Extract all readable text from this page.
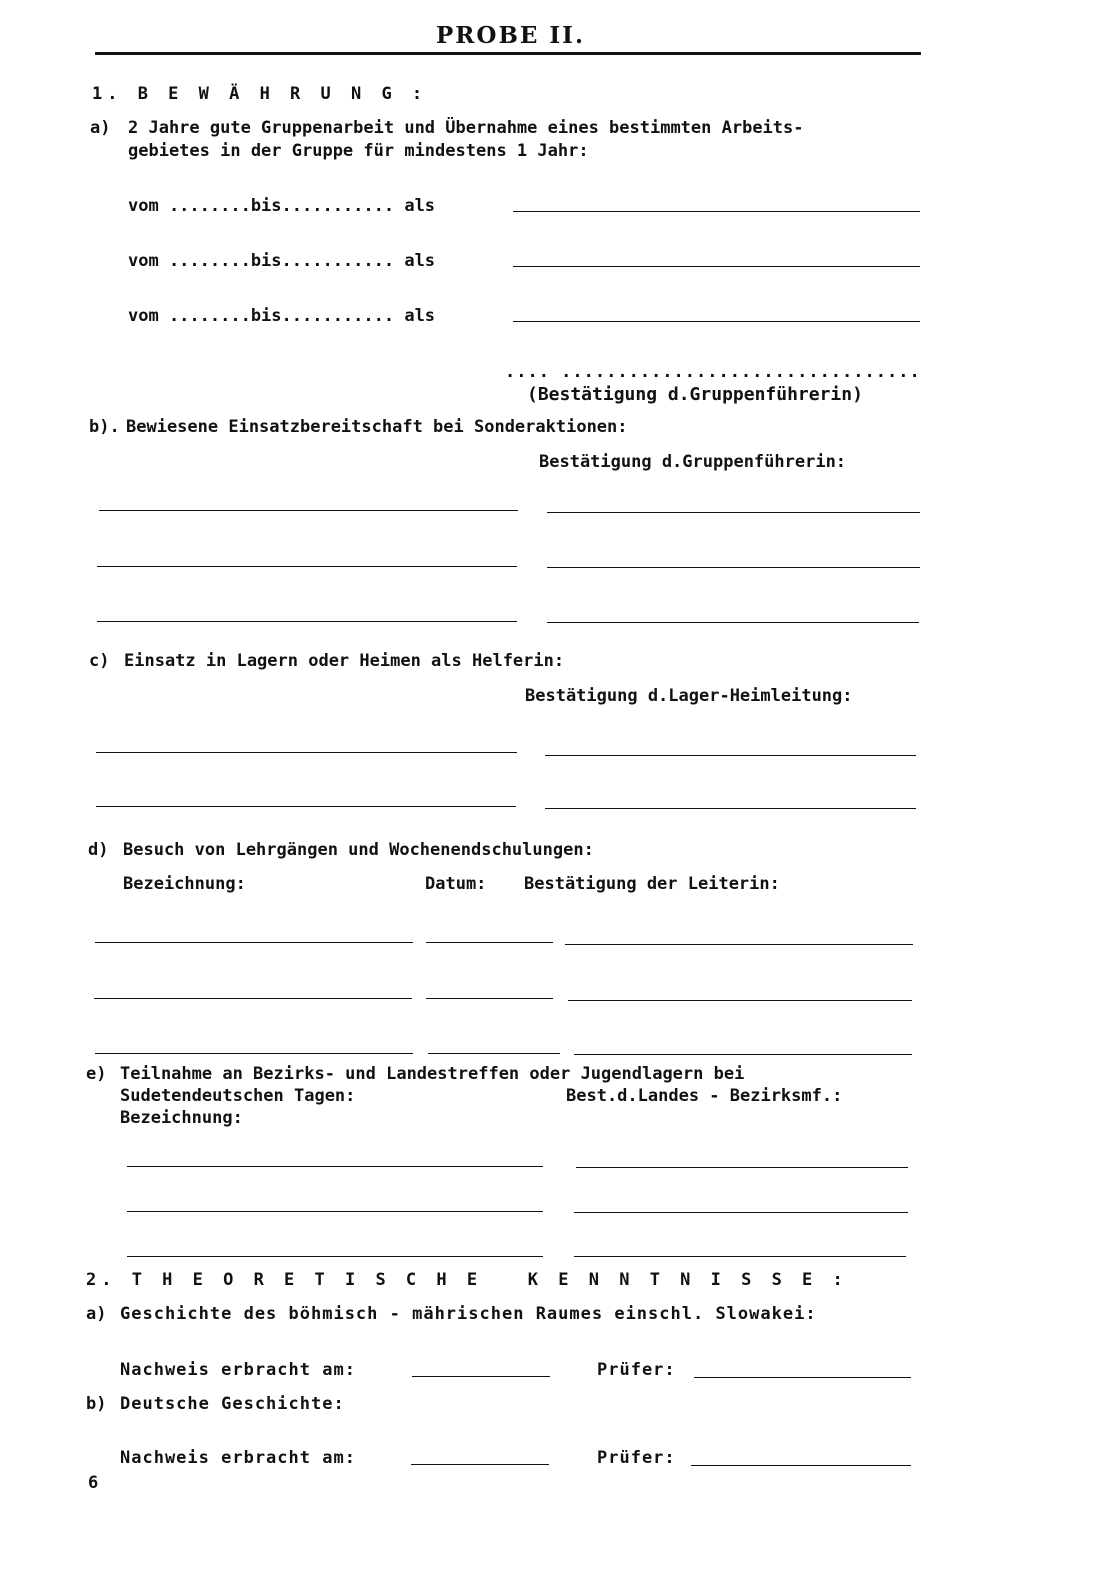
PROBE II.
1. B E W Ä H R U N G :
a) 2 Jahre gute Gruppenarbeit und Übernahme eines bestimmten Arbeits-
gebietes in der Gruppe für mindestens 1 Jahr:
vom ........bis........... als
vom ........bis........... als
vom ........bis........... als
.... ................................
(Bestätigung d.Gruppenführerin)
b). Bewiesene Einsatzbereitschaft bei Sonderaktionen:
Bestätigung d.Gruppenführerin:
c) Einsatz in Lagern oder Heimen als Helferin:
Bestätigung d.Lager-Heimleitung:
d) Besuch von Lehrgängen und Wochenendschulungen:
Bezeichnung:	Datum: Bestätigung der Leiterin:
e) Teilnahme an Bezirks- und Landestreffen oder Jugendlagern bei
Sudetendeutschen Tagen:	Best.d.Landes - Bezirksmf.:
Bezeichnung:
2. T H E O R E T I S C H E   K E N N T N I S S E :
a) Geschichte des böhmisch - mährischen Raumes einschl. Slowakei:
Nachweis erbracht am:	Prüfer:
b) Deutsche Geschichte:
Nachweis erbracht am:	Prüfer:
6
